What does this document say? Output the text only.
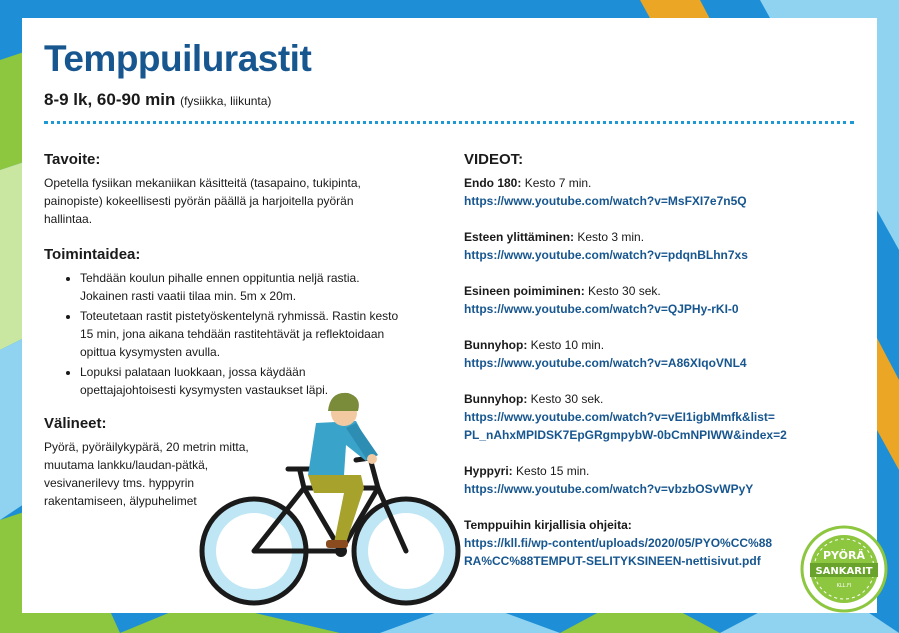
Temppuilurastit
8-9 lk, 60-90 min (fysiikka, liikunta)
Tavoite:

Opetella fysiikan mekaniikan käsitteitä (tasapaino, tukipinta, painopiste) kokeellisesti pyörän päällä ja harjoitella pyörän hallintaa.

Toimintaidea:
• Tehdään koulun pihalle ennen oppituntia neljä rastia. Jokainen rasti vaatii tilaa min. 5m x 20m.
• Toteutetaan rastit pistetyöskentelynä ryhmissä. Rastin kesto 15 min, jona aikana tehdään rastitehtävät ja reflektoidaan opittua kysymysten avulla.
• Lopuksi palataan luokkaan, jossa käydään opettajajohtoisesti kysymysten vastaukset läpi.
Välineet:

Pyörä, pyöräilykypärä, 20 metrin mitta,
muutama lankku/laudan-pätkä,
vesivanerilevy tms. hyppyrin
rakentamiseen, älypuhelimet

VIDEOT:
Endo 180: Kesto 7 min.
https://www.youtube.com/watch?v=MsFXI7e7n5Q
Esteen ylittäminen: Kesto 3 min.
https://www.youtube.com/watch?v=pdqnBLhn7xs
Esineen poimiminen: Kesto 30 sek.
https://www.youtube.com/watch?v=QJPHy-rKI-0
Bunnyhop: Kesto 10 min.
https://www.youtube.com/watch?v=A86XIqoVNL4
Bunnyhop: Kesto 30 sek.
https://www.youtube.com/watch?v=vEI1igbMmfk&list=
PL_nAhxMPIDSK7EpGRgmpybW-0bCmNPIWW&index=2
Hyppyri: Kesto 15 min.
https://www.youtube.com/watch?v=vbzbOSvWPyY
Temppuihin kirjallisia ohjeita:
https://kll.fi/wp-content/uploads/2020/05/PYO%CC%88
RA%CC%88TEMPUT-SELITYKSINEEN-nettisivut.pdf	PYÖRÄ
SANKARIT
KLL.FI
